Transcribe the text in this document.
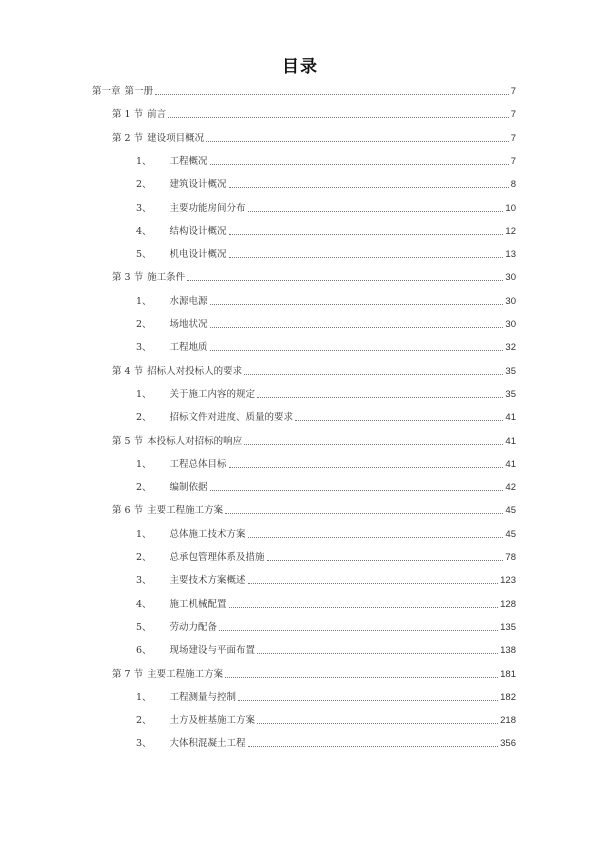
目录
第一章 第一册	7
第 1 节 前言	7
第 2 节 建设项目概况	7
1、 工程概况	7
2、 建筑设计概况	8
3、 主要功能房间分布	10
4、 结构设计概况	12
5、 机电设计概况	13
第 3 节 施工条件	30
1、 水源电源	30
2、 场地状况	30
3、 工程地质	32
第 4 节 招标人对投标人的要求	35
1、 关于施工内容的规定	35
2、 招标文件对进度、质量的要求	41
第 5 节 本投标人对招标的响应	41
1、 工程总体目标	41
2、 编制依据	42
第 6 节 主要工程施工方案	45
1、 总体施工技术方案	45
2、 总承包管理体系及措施	78
3、 主要技术方案概述	123
4、 施工机械配置	128
5、 劳动力配备	135
6、 现场建设与平面布置	138
第 7 节 主要工程施工方案	181
1、 工程测量与控制	182
2、 土方及桩基施工方案	218
3、 大体积混凝土工程	356
